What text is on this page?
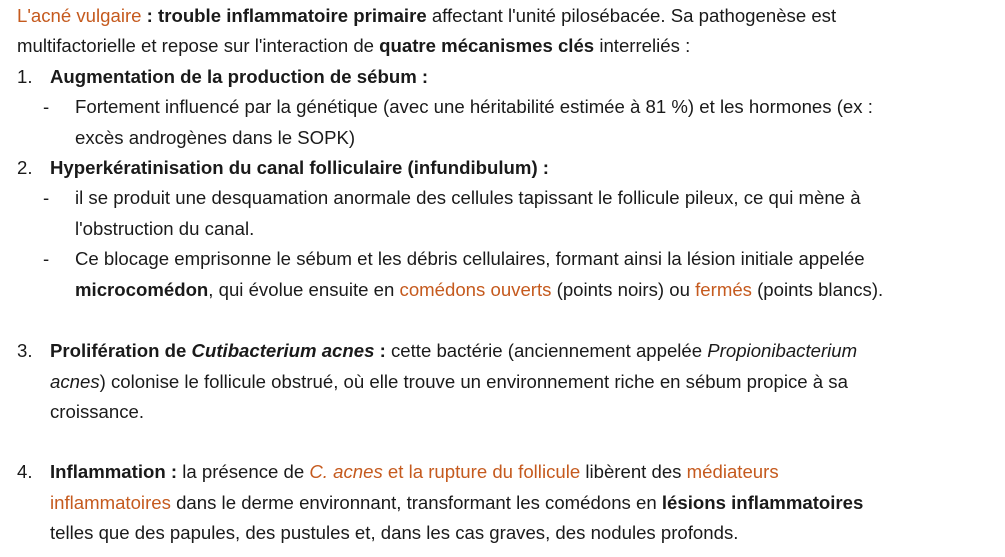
L'acné vulgaire : trouble inflammatoire primaire affectant l'unité pilosébacée. Sa pathogenèse est
multifactorielle et repose sur l'interaction de quatre mécanismes clés interreliés :
1. Augmentation de la production de sébum :
- Fortement influencé par la génétique (avec une héritabilité estimée à 81 %) et les hormones (ex :
excès androgènes dans le SOPK)
2. Hyperkératinisation du canal folliculaire (infundibulum) :
- il se produit une desquamation anormale des cellules tapissant le follicule pileux, ce qui mène à
l'obstruction du canal.
- Ce blocage emprisonne le sébum et les débris cellulaires, formant ainsi la lésion initiale appelée
microcomédon, qui évolue ensuite en comédons ouverts (points noirs) ou fermés (points blancs).
3. Prolifération de Cutibacterium acnes : cette bactérie (anciennement appelée Propionibacterium
acnes) colonise le follicule obstrué, où elle trouve un environnement riche en sébum propice à sa
croissance.
4. Inflammation : la présence de C. acnes et la rupture du follicule libèrent des médiateurs
inflammatoires dans le derme environnant, transformant les comédons en lésions inflammatoires
telles que des papules, des pustules et, dans les cas graves, des nodules profonds.
